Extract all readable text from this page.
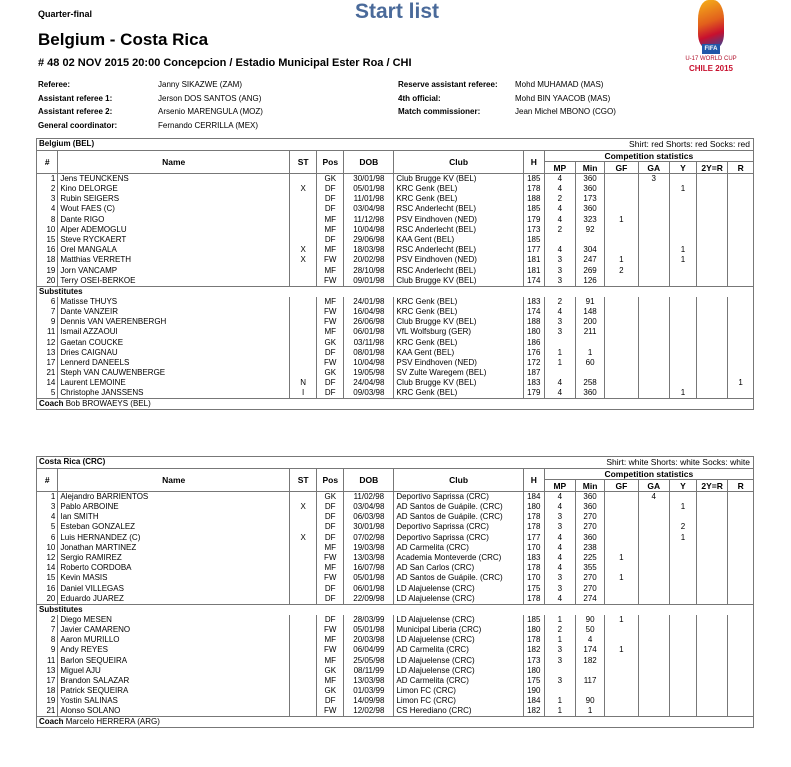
Quarter-final	Start list
Belgium - Costa Rica
# 48 02 NOV 2015 20:00 Concepcion / Estadio Municipal Ester Roa / CHI
FIFA
U-17 WORLD CUP
CHILE 2015
Referee:	Janny SIKAZWE (ZAM)
Assistant referee 1:	Jerson DOS SANTOS (ANG)
Assistant referee 2:	Arsenio MARENGULA (MOZ)
General coordinator:	Fernando CERRILLA (MEX)
Reserve assistant referee: Mohd MUHAMAD (MAS)
4th official:	Mohd BIN YAACOB (MAS)
Match commissioner:	Jean Michel MBONO (CGO)
Belgium (BEL)	Shirt: red Shorts: red Socks: red
#	Name	ST	Pos	DOB	Club	H	Competition statistics						
							MP	Min	GF	GA	Y	2Y=R	R
1	Jens TEUNCKENS		GK	30/01/98	Club Brugge KV (BEL)	185	4	360		3			
2	Kino DELORGE	X	DF	05/01/98	KRC Genk (BEL)	178	4	360			1		
3	Rubin SEIGERS		DF	11/01/98	KRC Genk (BEL)	188	2	173					
4	Wout FAES (C)		DF	03/04/98	RSC Anderlecht (BEL)	185	4	360					
8	Dante RIGO		MF	11/12/98	PSV Eindhoven (NED)	179	4	323	1				
10	Alper ADEMOGLU		MF	10/04/98	RSC Anderlecht (BEL)	173	2	92					
15	Steve RYCKAERT		DF	29/06/98	KAA Gent (BEL)	185							
16	Orel MANGALA	X	MF	18/03/98	RSC Anderlecht (BEL)	177	4	304			1		
18	Matthias VERRETH	X	FW	20/02/98	PSV Eindhoven (NED)	181	3	247	1		1		
19	Jorn VANCAMP		MF	28/10/98	RSC Anderlecht (BEL)	181	3	269	2				
20	Terry OSEI-BERKOE		FW	09/01/98	Club Brugge KV (BEL)	174	3	126					
Substitutes													
6	Matisse THUYS		MF	24/01/98	KRC Genk (BEL)	183	2	91					
7	Dante VANZEIR		FW	16/04/98	KRC Genk (BEL)	174	4	148					
9	Dennis VAN VAERENBERGH		FW	26/06/98	Club Brugge KV (BEL)	188	3	200					
11	Ismail AZZAOUI		MF	06/01/98	VfL Wolfsburg (GER)	180	3	211					
12	Gaetan COUCKE		GK	03/11/98	KRC Genk (BEL)	186							
13	Dries CAIGNAU		DF	08/01/98	KAA Gent (BEL)	176	1	1					
17	Lennerd DANEELS		FW	10/04/98	PSV Eindhoven (NED)	172	1	60					
21	Steph VAN CAUWENBERGE		GK	19/05/98	SV Zulte Waregem (BEL)	187							
14	Laurent LEMOINE	N	DF	24/04/98	Club Brugge KV (BEL)	183	4	258					1
5	Christophe JANSSENS	I	DF	09/03/98	KRC Genk (BEL)	179	4	360			1		
Coach Bob BROWAEYS (BEL)													
Costa Rica (CRC)	Shirt: white Shorts: white Socks: white
#	Name	ST	Pos	DOB	Club	H	Competition statistics						
							MP	Min	GF	GA	Y	2Y=R	R
1	Alejandro BARRIENTOS		GK	11/02/98	Deportivo Saprissa (CRC)	184	4	360		4			
3	Pablo ARBOINE	X	DF	03/04/98	AD Santos de Guápile. (CRC)	180	4	360			1		
4	Ian SMITH		DF	06/03/98	AD Santos de Guápile. (CRC)	178	3	270					
5	Esteban GONZALEZ		DF	30/01/98	Deportivo Saprissa (CRC)	178	3	270			2		
6	Luis HERNANDEZ (C)	X	DF	07/02/98	Deportivo Saprissa (CRC)	177	4	360			1		
10	Jonathan MARTINEZ		MF	19/03/98	AD Carmelita (CRC)	170	4	238					
12	Sergio RAMIREZ		FW	13/03/98	Academia Monteverde (CRC)	183	4	225	1				
14	Roberto CORDOBA		MF	16/07/98	AD San Carlos (CRC)	178	4	355					
15	Kevin MASIS		FW	05/01/98	AD Santos de Guápile. (CRC)	170	3	270	1				
16	Daniel VILLEGAS		DF	06/01/98	LD Alajuelense (CRC)	175	3	270					
20	Eduardo JUAREZ		DF	22/09/98	LD Alajuelense (CRC)	178	4	274					
Substitutes													
2	Diego MESEN		DF	28/03/99	LD Alajuelense (CRC)	185	1	90	1				
7	Javier CAMARENO		FW	05/01/98	Municipal Liberia (CRC)	180	2	50					
8	Aaron MURILLO		MF	20/03/98	LD Alajuelense (CRC)	178	1	4					
9	Andy REYES		FW	06/04/99	AD Carmelita (CRC)	182	3	174	1				
11	Barlon SEQUEIRA		MF	25/05/98	LD Alajuelense (CRC)	173	3	182					
13	Miguel AJU		GK	08/11/99	LD Alajuelense (CRC)	180							
17	Brandon SALAZAR		MF	13/03/98	AD Carmelita (CRC)	175	3	117					
18	Patrick SEQUEIRA		GK	01/03/99	Limon FC (CRC)	190							
19	Yostin SALINAS		DF	14/09/98	Limon FC (CRC)	184	1	90					
21	Alonso SOLANO		FW	12/02/98	CS Herediano (CRC)	182	1	1					
Coach Marcelo HERRERA (ARG)													
